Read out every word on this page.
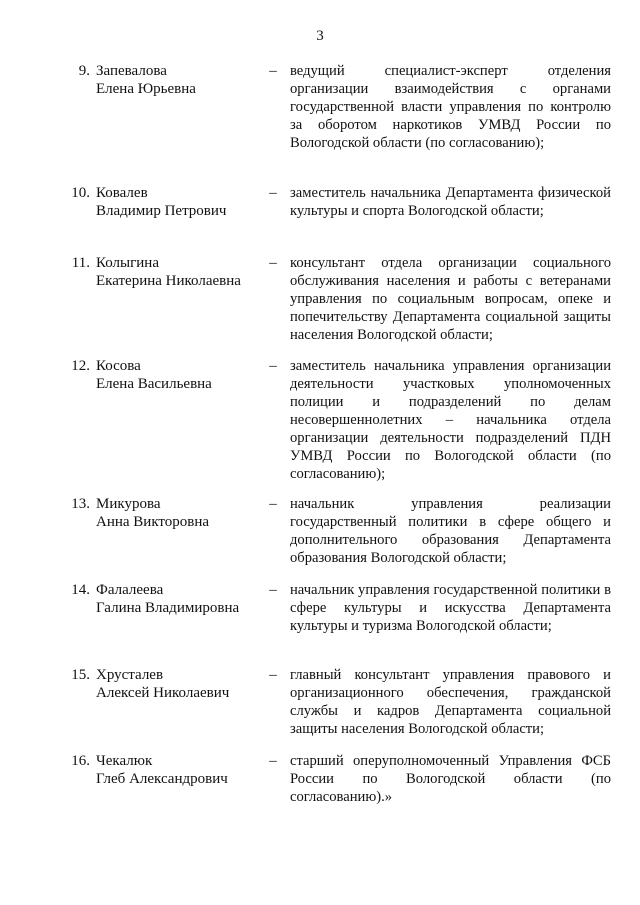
3
9. Запевалова
Елена Юрьевна
– ведущий специалист-эксперт отделения организации взаимодействия с органами государственной власти управления по контролю за оборотом наркотиков УМВД России по Вологодской области (по согласованию);
10. Ковалев
Владимир Петрович
– заместитель начальника Департамента физической культуры и спорта Вологодской области;
11. Колыгина
Екатерина Николаевна
– консультант отдела организации социального обслуживания населения и работы с ветеранами управления по социальным вопросам, опеке и попечительству Департамента социальной защиты населения Вологодской области;
12. Косова
Елена Васильевна
– заместитель начальника управления организации деятельности участковых уполномоченных полиции и подразделений по делам несовершеннолетних – начальника отдела организации деятельности подразделений ПДН УМВД России по Вологодской области (по согласованию);
13. Микурова
Анна Викторовна
– начальник управления реализации государственный политики в сфере общего и дополнительного образования Департамента образования Вологодской области;
14. Фалалеева
Галина Владимировна
– начальник управления государственной политики в сфере культуры и искусства Департамента культуры и туризма Вологодской области;
15. Хрусталев
Алексей Николаевич
– главный консультант управления правового и организационного обеспечения, гражданской службы и кадров Департамента социальной защиты населения Вологодской области;
16. Чекалюк
Глеб Александрович
– старший оперуполномоченный Управления ФСБ России по Вологодской области (по согласованию).»
